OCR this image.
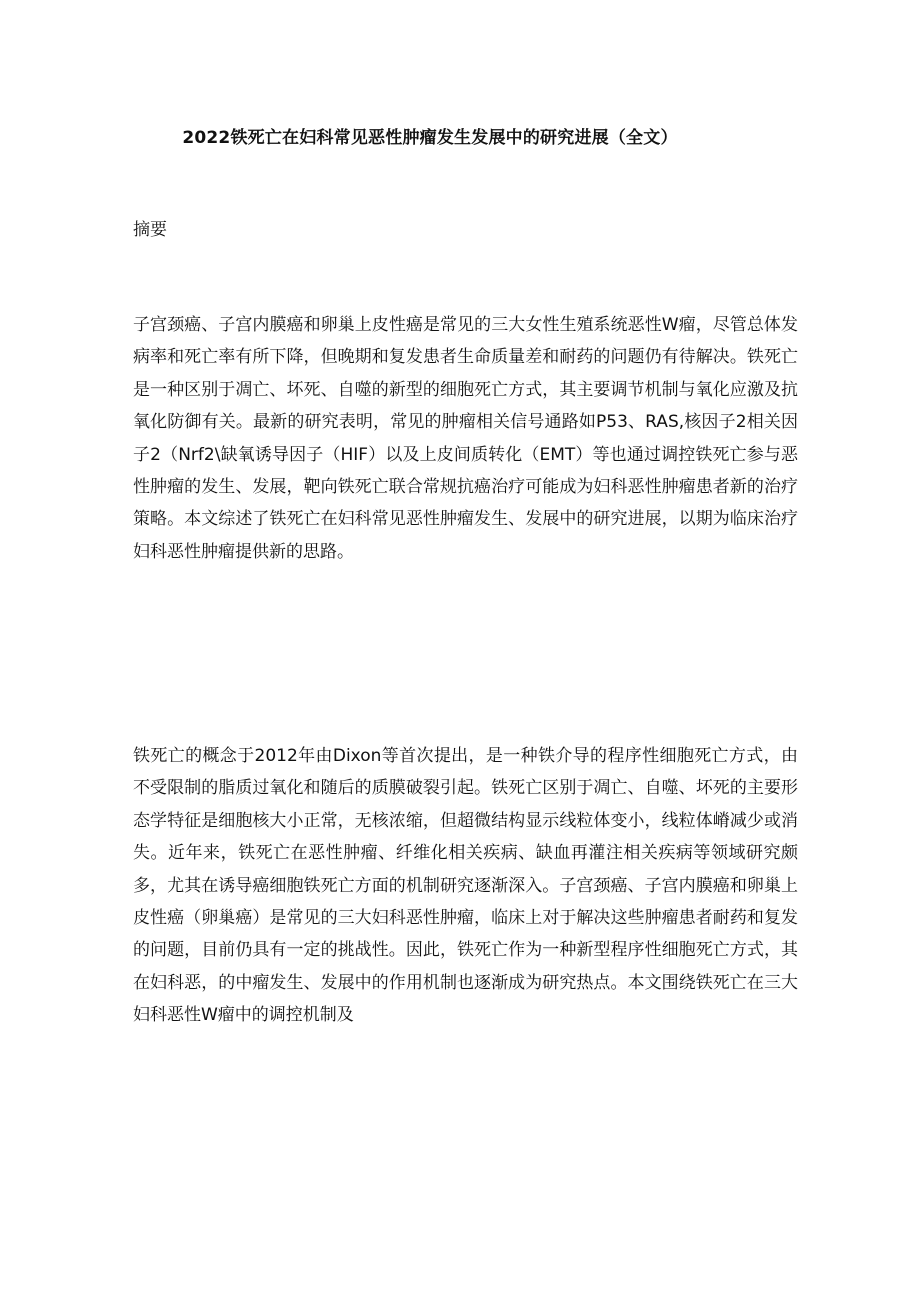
2022铁死亡在妇科常见恶性肿瘤发生发展中的研究进展（全文）
摘要

子宫颈癌、子宫内膜癌和卵巢上皮性癌是常见的三大女性生殖系统恶性W瘤，尽管总体发病率和死亡率有所下降，但晚期和复发患者生命质量差和耐药的问题仍有待解决。铁死亡是一种区别于凋亡、坏死、自噬的新型的细胞死亡方式，其主要调节机制与氧化应激及抗氧化防御有关。最新的研究表明，常见的肿瘤相关信号通路如P53、RAS,核因子2相关因子2（Nrf2\缺氧诱导因子（HIF）以及上皮间质转化（EMT）等也通过调控铁死亡参与恶性肿瘤的发生、发展，靶向铁死亡联合常规抗癌治疗可能成为妇科恶性肿瘤患者新的治疗策略。本文综述了铁死亡在妇科常见恶性肿瘤发生、发展中的研究进展，以期为临床治疗妇科恶性肿瘤提供新的思路。

铁死亡的概念于2012年由Dixon等首次提出，是一种铁介导的程序性细胞死亡方式，由不受限制的脂质过氧化和随后的质膜破裂引起。铁死亡区别于凋亡、自噬、坏死的主要形态学特征是细胞核大小正常，无核浓缩，但超微结构显示线粒体变小，线粒体嵴减少或消失。近年来，铁死亡在恶性肿瘤、纤维化相关疾病、缺血再灌注相关疾病等领域研究颇多，尤其在诱导癌细胞铁死亡方面的机制研究逐渐深入。子宫颈癌、子宫内膜癌和卵巢上皮性癌（卵巢癌）是常见的三大妇科恶性肿瘤，临床上对于解决这些肿瘤患者耐药和复发的问题，目前仍具有一定的挑战性。因此，铁死亡作为一种新型程序性细胞死亡方式，其在妇科恶，的中瘤发生、发展中的作用机制也逐渐成为研究热点。本文围绕铁死亡在三大妇科恶性W瘤中的调控机制及
